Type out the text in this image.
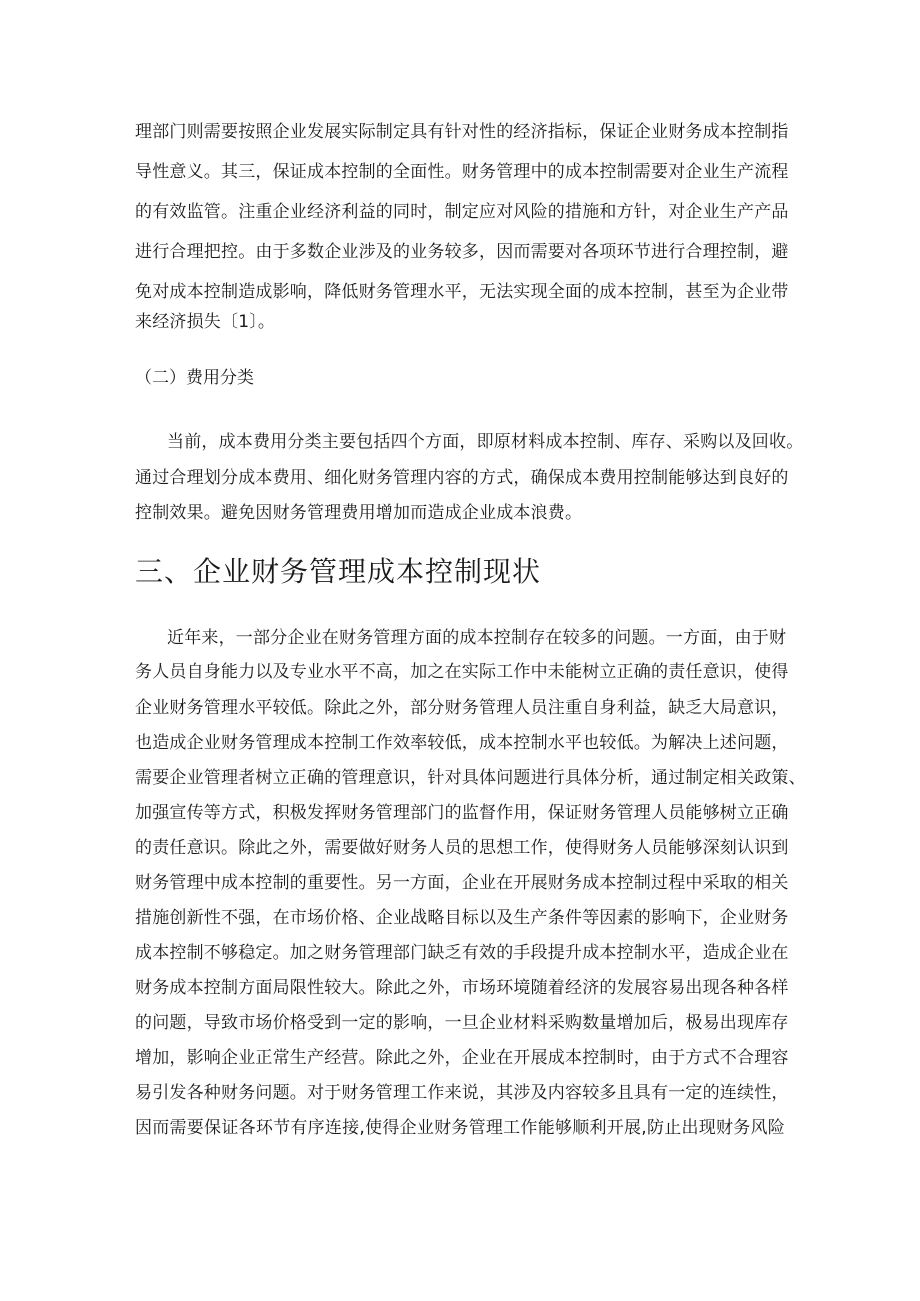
理部门则需要按照企业发展实际制定具有针对性的经济指标，保证企业财务成本控制指
导性意义。其三，保证成本控制的全面性。财务管理中的成本控制需要对企业生产流程
的有效监管。注重企业经济利益的同时，制定应对风险的措施和方针，对企业生产产品
进行合理把控。由于多数企业涉及的业务较多，因而需要对各项环节进行合理控制，避
免对成本控制造成影响，降低财务管理水平，无法实现全面的成本控制，甚至为企业带
来经济损失〔1〕。
（二）费用分类
当前，成本费用分类主要包括四个方面，即原材料成本控制、库存、采购以及回收。
通过合理划分成本费用、细化财务管理内容的方式，确保成本费用控制能够达到良好的
控制效果。避免因财务管理费用增加而造成企业成本浪费。
三、企业财务管理成本控制现状
近年来，一部分企业在财务管理方面的成本控制存在较多的问题。一方面，由于财
务人员自身能力以及专业水平不高，加之在实际工作中未能树立正确的责任意识，使得
企业财务管理水平较低。除此之外，部分财务管理人员注重自身利益，缺乏大局意识，
也造成企业财务管理成本控制工作效率较低，成本控制水平也较低。为解决上述问题，
需要企业管理者树立正确的管理意识，针对具体问题进行具体分析，通过制定相关政策、
加强宣传等方式，积极发挥财务管理部门的监督作用，保证财务管理人员能够树立正确
的责任意识。除此之外，需要做好财务人员的思想工作，使得财务人员能够深刻认识到
财务管理中成本控制的重要性。另一方面，企业在开展财务成本控制过程中采取的相关
措施创新性不强，在市场价格、企业战略目标以及生产条件等因素的影响下，企业财务
成本控制不够稳定。加之财务管理部门缺乏有效的手段提升成本控制水平，造成企业在
财务成本控制方面局限性较大。除此之外，市场环境随着经济的发展容易出现各种各样
的问题，导致市场价格受到一定的影响，一旦企业材料采购数量增加后，极易出现库存
增加，影响企业正常生产经营。除此之外，企业在开展成本控制时，由于方式不合理容
易引发各种财务问题。对于财务管理工作来说，其涉及内容较多且具有一定的连续性，
因而需要保证各环节有序连接,使得企业财务管理工作能够顺利开展,防止出现财务风险
